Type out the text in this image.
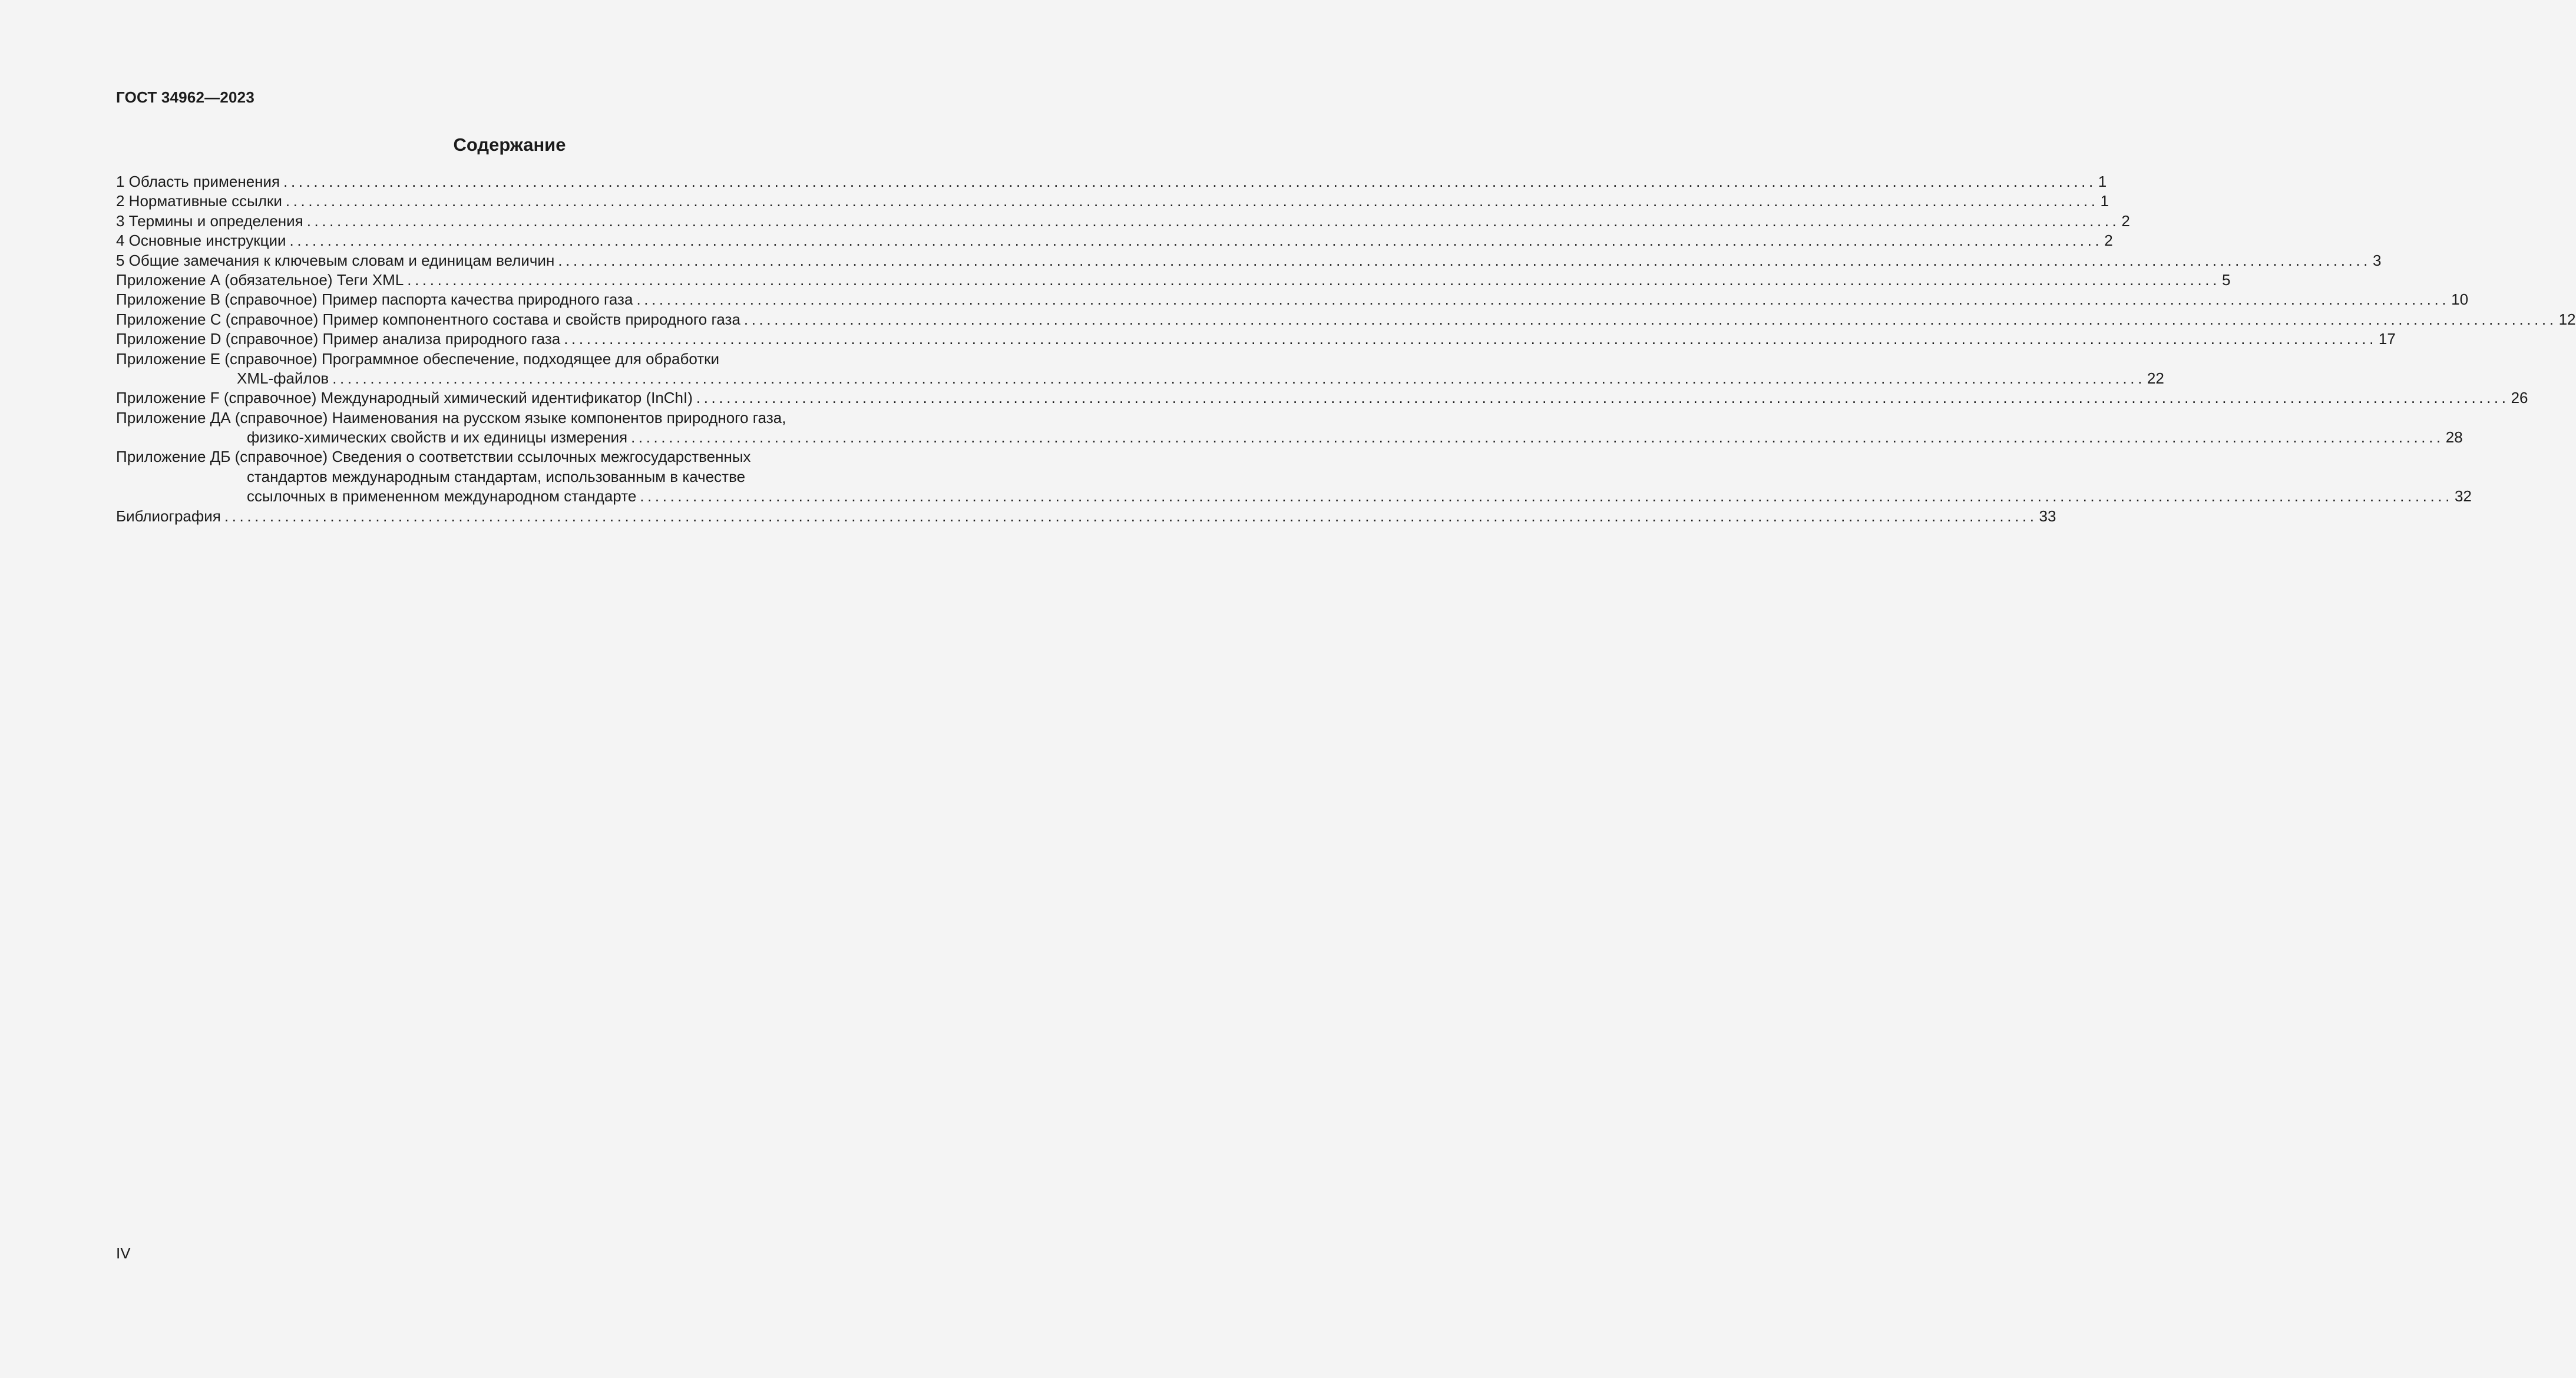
ГОСТ 34962—2023
Содержание
1 Область применения ................................................................................................................................................................................................................................................ 1
2 Нормативные ссылки ................................................................................................................................................................................................................................................ 1
3 Термины и определения ................................................................................................................................................................................................................................................ 2
4 Основные инструкции ................................................................................................................................................................................................................................................ 2
5 Общие замечания к ключевым словам и единицам величин ................................................................................................................................................................................................................................................ 3
Приложение А (обязательное) Теги XML ................................................................................................................................................................................................................................................ 5
Приложение B (справочное) Пример паспорта качества природного газа ................................................................................................................................................................................................................................................ 10
Приложение C (справочное) Пример компонентного состава и свойств природного газа ................................................................................................................................................................................................................................................ 12
Приложение D (справочное) Пример анализа природного газа ................................................................................................................................................................................................................................................ 17
Приложение E (справочное) Программное обеспечение, подходящее для обработки
XML-файлов ................................................................................................................................................................................................................................................ 22
Приложение F (справочное) Международный химический идентификатор (InChI) ................................................................................................................................................................................................................................................ 26
Приложение ДА (справочное) Наименования на русском языке компонентов природного газа,
физико-химических свойств и их единицы измерения ................................................................................................................................................................................................................................................ 28
Приложение ДБ (справочное) Сведения о соответствии ссылочных межгосударственных
стандартов международным стандартам, использованным в качестве
ссылочных в примененном международном стандарте ................................................................................................................................................................................................................................................ 32
Библиография ................................................................................................................................................................................................................................................ 33
IV
